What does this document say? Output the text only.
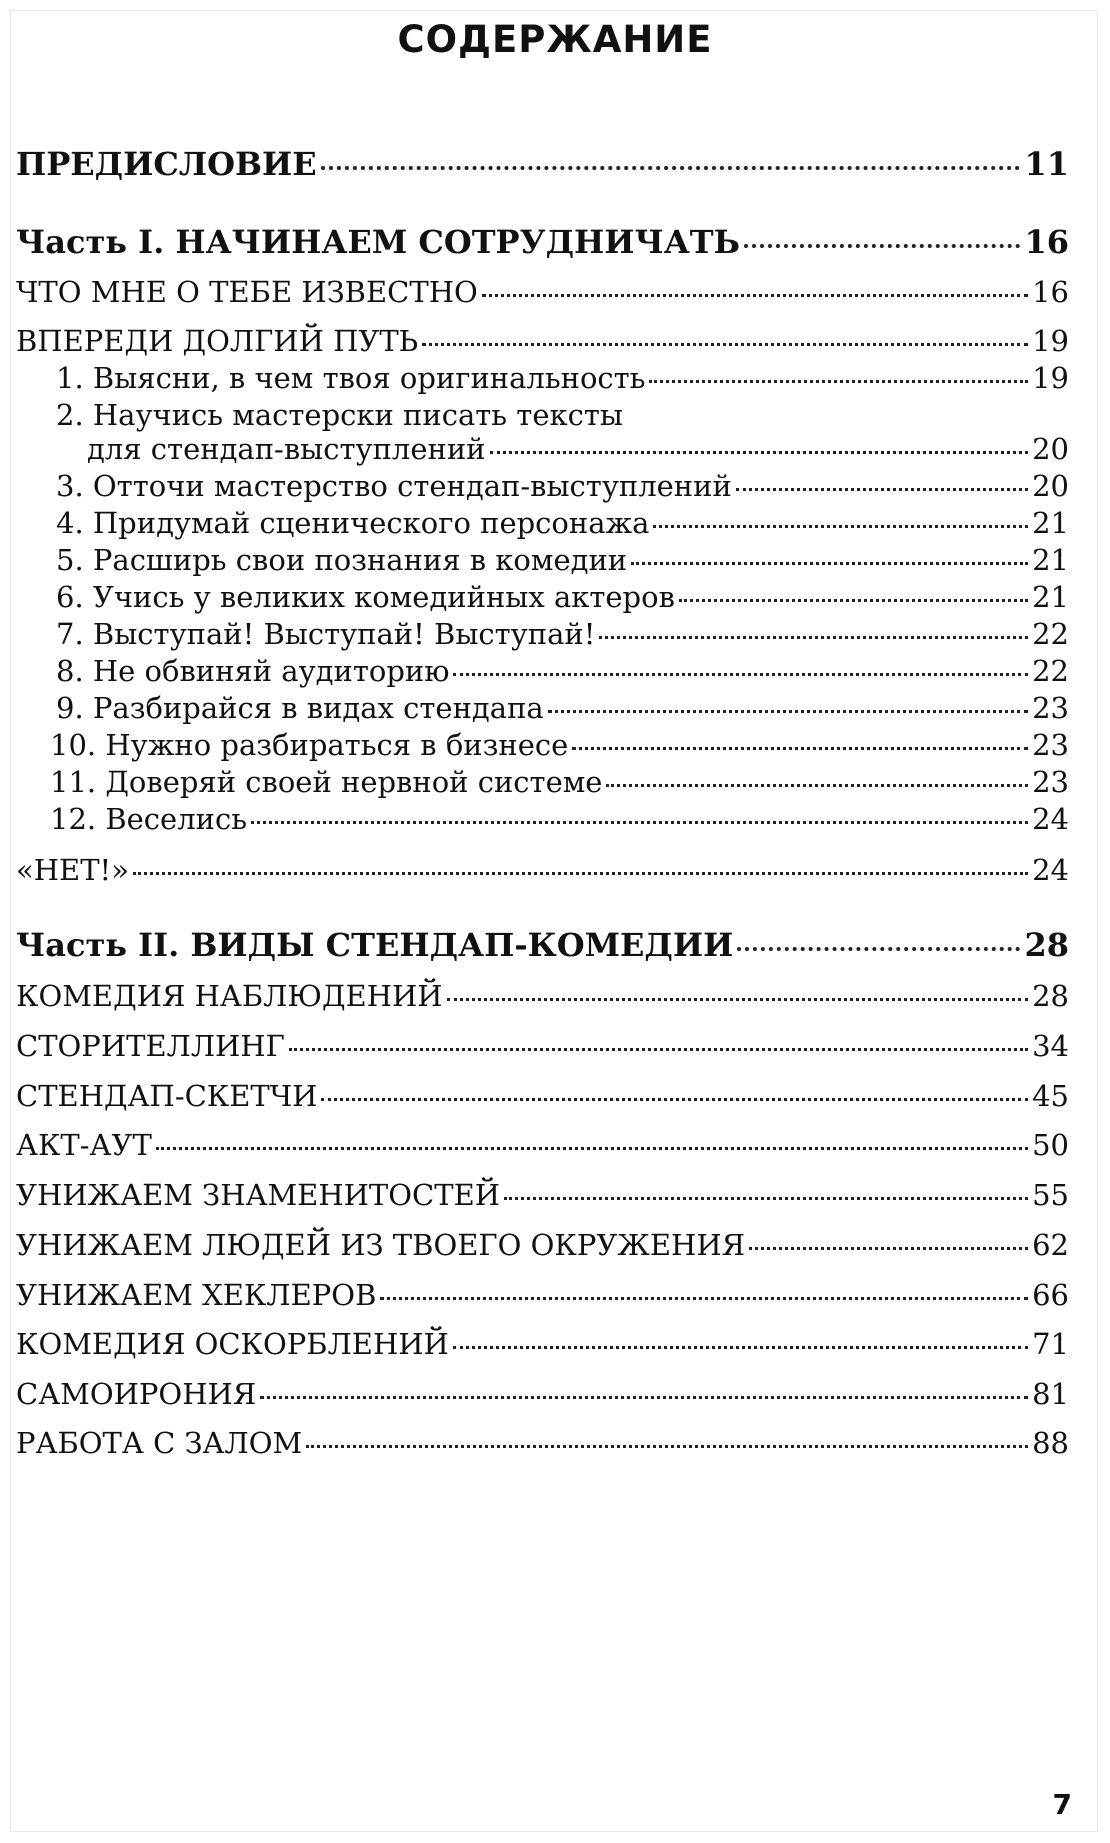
СОДЕРЖАНИЕ
ПРЕДИСЛОВИЕ	11
Часть I. НАЧИНАЕМ СОТРУДНИЧАТЬ	16
ЧТО МНЕ О ТЕБЕ ИЗВЕСТНО	16
ВПЕРЕДИ ДОЛГИЙ ПУТЬ	19
1. Выясни, в чем твоя оригинальность	19
2. Научись мастерски писать тексты
для стендап-выступлений	20
3. Отточи мастерство стендап-выступлений	20
4. Придумай сценического персонажа	21
5. Расширь свои познания в комедии	21
6. Учись у великих комедийных актеров	21
7. Выступай! Выступай! Выступай!	22
8. Не обвиняй аудиторию	22
9. Разбирайся в видах стендапа	23
10. Нужно разбираться в бизнесе	23
11. Доверяй своей нервной системе	23
12. Веселись	24
«НЕТ!»	24
Часть II. ВИДЫ СТЕНДАП-КОМЕДИИ	28
КОМЕДИЯ НАБЛЮДЕНИЙ	28
СТОРИТЕЛЛИНГ	34
СТЕНДАП-СКЕТЧИ	45
АКТ-АУТ	50
УНИЖАЕМ ЗНАМЕНИТОСТЕЙ	55
УНИЖАЕМ ЛЮДЕЙ ИЗ ТВОЕГО ОКРУЖЕНИЯ	62
УНИЖАЕМ ХЕКЛЕРОВ	66
КОМЕДИЯ ОСКОРБЛЕНИЙ	71
САМОИРОНИЯ	81
РАБОТА С ЗАЛОМ	88
7
